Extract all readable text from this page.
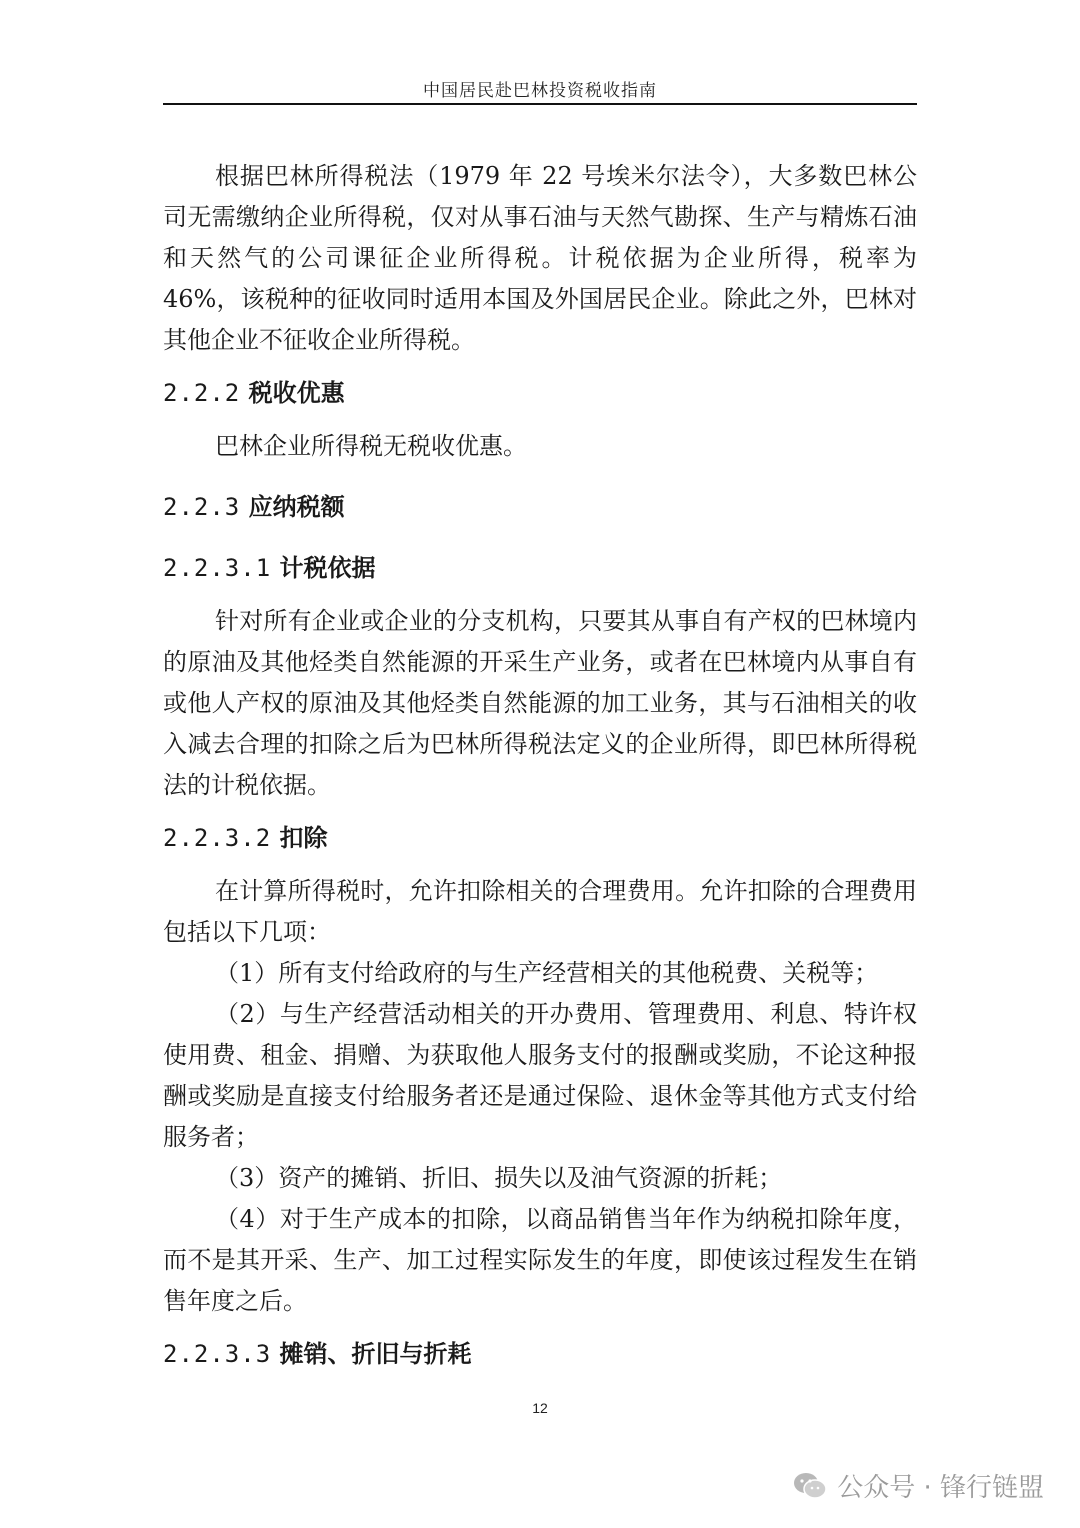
中国居民赴巴林投资税收指南

根据巴林所得税法（1979 年 22 号埃米尔法令），大多数巴林公司无需缴纳企业所得税，仅对从事石油与天然气勘探、生产与精炼石油和天然气的公司课征企业所得税。计税依据为企业所得，税率为 46%，该税种的征收同时适用本国及外国居民企业。除此之外，巴林对其他企业不征收企业所得税。

2.2.2 税收优惠

巴林企业所得税无税收优惠。

2.2.3 应纳税额

2.2.3.1 计税依据

针对所有企业或企业的分支机构，只要其从事自有产权的巴林境内的原油及其他烃类自然能源的开采生产业务，或者在巴林境内从事自有或他人产权的原油及其他烃类自然能源的加工业务，其与石油相关的收入减去合理的扣除之后为巴林所得税法定义的企业所得，即巴林所得税法的计税依据。

2.2.3.2 扣除

在计算所得税时，允许扣除相关的合理费用。允许扣除的合理费用包括以下几项：

（1）所有支付给政府的与生产经营相关的其他税费、关税等；

（2）与生产经营活动相关的开办费用、管理费用、利息、特许权使用费、租金、捐赠、为获取他人服务支付的报酬或奖励，不论这种报酬或奖励是直接支付给服务者还是通过保险、退休金等其他方式支付给服务者；

（3）资产的摊销、折旧、损失以及油气资源的折耗；

（4）对于生产成本的扣除，以商品销售当年作为纳税扣除年度，而不是其开采、生产、加工过程实际发生的年度，即使该过程发生在销售年度之后。

2.2.3.3 摊销、折旧与折耗

12
公众号 · 锋行链盟
